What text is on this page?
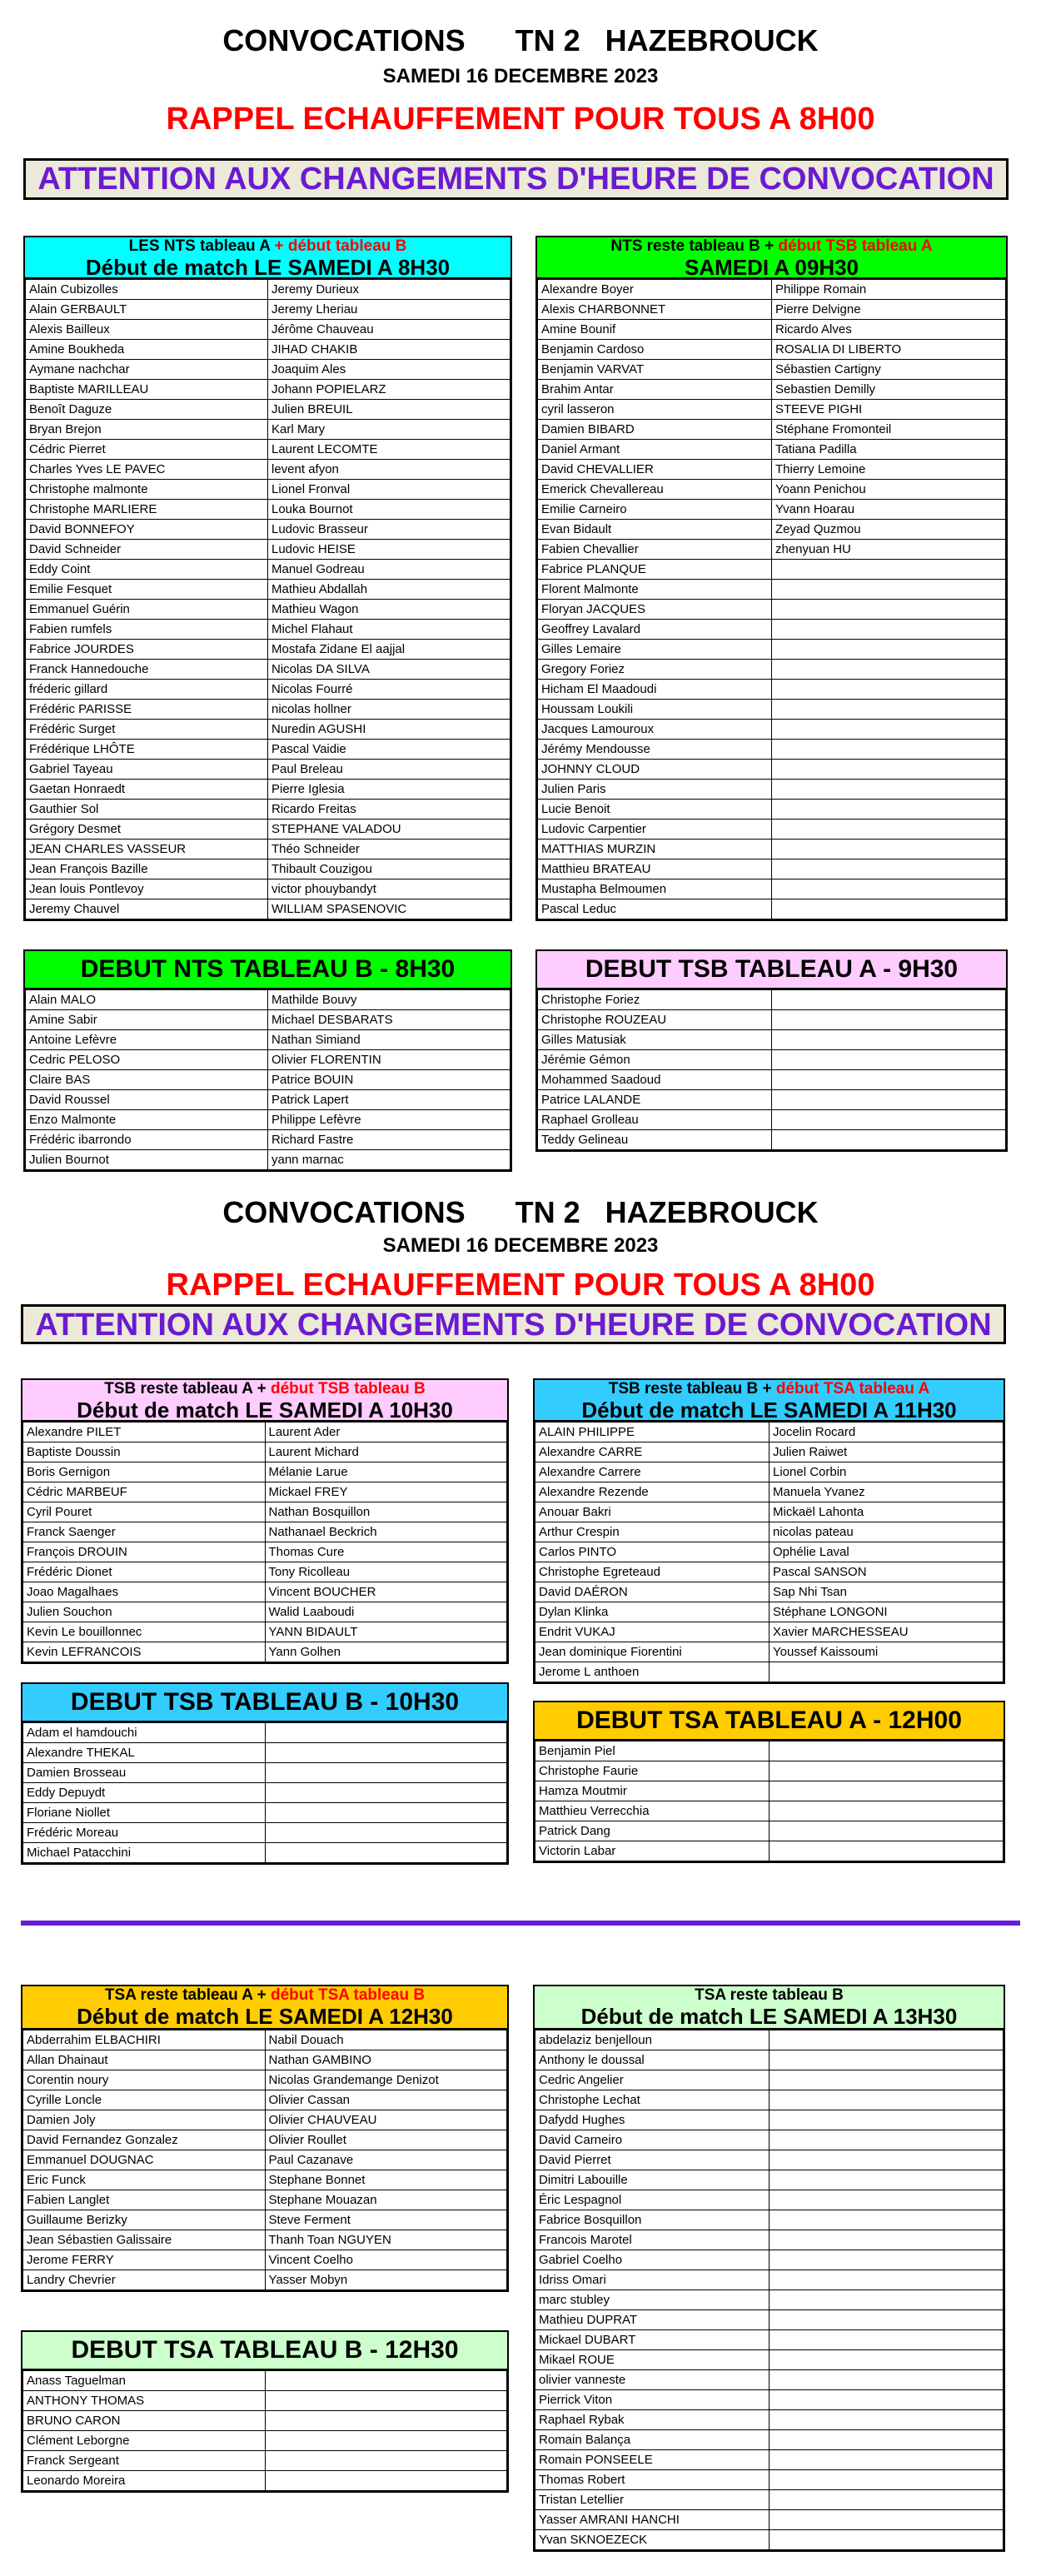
CONVOCATIONS      TN 2   HAZEBROUCK
SAMEDI 16 DECEMBRE 2023
RAPPEL ECHAUFFEMENT POUR TOUS A 8H00
ATTENTION AUX CHANGEMENTS D'HEURE DE CONVOCATION
LES NTS tableau A + début tableau B
Début de match LE SAMEDI A 8H30
Alain Cubizolles	Jeremy Durieux
Alain GERBAULT	Jeremy Lheriau
Alexis Bailleux	Jérôme Chauveau
Amine Boukheda	JIHAD CHAKIB
Aymane nachchar	Joaquim Ales
Baptiste MARILLEAU	Johann POPIELARZ
Benoît Daguze	Julien BREUIL
Bryan Brejon	Karl Mary
Cédric Pierret	Laurent LECOMTE
Charles Yves LE PAVEC	levent afyon
Christophe malmonte	Lionel Fronval
Christophe MARLIERE	Louka Bournot
David BONNEFOY	Ludovic Brasseur
David Schneider	Ludovic HEISE
Eddy Coint	Manuel Godreau
Emilie Fesquet	Mathieu Abdallah
Emmanuel Guérin	Mathieu Wagon
Fabien rumfels	Michel Flahaut
Fabrice JOURDES	Mostafa Zidane El aajjal
Franck Hannedouche	Nicolas DA SILVA
fréderic gillard	Nicolas Fourré
Frédéric PARISSE	nicolas hollner
Frédéric Surget	Nuredin AGUSHI
Frédérique LHÔTE	Pascal Vaidie
Gabriel Tayeau	Paul Breleau
Gaetan Honraedt	Pierre Iglesia
Gauthier Sol	Ricardo Freitas
Grégory Desmet	STEPHANE VALADOU
JEAN CHARLES VASSEUR	Théo Schneider
Jean François Bazille	Thibault Couzigou
Jean louis Pontlevoy	victor phouybandyt
Jeremy Chauvel	WILLIAM SPASENOVIC
NTS reste tableau B + début TSB tableau A
SAMEDI A 09H30
Alexandre Boyer	Philippe Romain
Alexis CHARBONNET	Pierre Delvigne
Amine Bounif	Ricardo Alves
Benjamin Cardoso	ROSALIA DI LIBERTO
Benjamin VARVAT	Sébastien Cartigny
Brahim Antar	Sebastien Demilly
cyril lasseron	STEEVE PIGHI
Damien BIBARD	Stéphane Fromonteil
Daniel Armant	Tatiana Padilla
David CHEVALLIER	Thierry Lemoine
Emerick Chevallereau	Yoann Penichou
Emilie Carneiro	Yvann Hoarau
Evan Bidault	Zeyad Quzmou
Fabien Chevallier	zhenyuan HU
Fabrice PLANQUE	
Florent Malmonte	
Floryan JACQUES	
Geoffrey Lavalard	
Gilles Lemaire	
Gregory Foriez	
Hicham El Maadoudi	
Houssam Loukili	
Jacques Lamouroux	
Jérémy Mendousse	
JOHNNY CLOUD	
Julien Paris	
Lucie Benoit	
Ludovic Carpentier	
MATTHIAS MURZIN	
Matthieu BRATEAU	
Mustapha Belmoumen	
Pascal Leduc	
DEBUT NTS TABLEAU B - 8H30
Alain MALO	Mathilde Bouvy
Amine Sabir	Michael DESBARATS
Antoine Lefèvre	Nathan Simiand
Cedric PELOSO	Olivier FLORENTIN
Claire BAS	Patrice BOUIN
David Roussel	Patrick Lapert
Enzo Malmonte	Philippe Lefèvre
Frédéric ibarrondo	Richard Fastre
Julien Bournot	yann marnac
DEBUT TSB TABLEAU A - 9H30
Christophe Foriez	
Christophe ROUZEAU	
Gilles Matusiak	
Jérémie Gémon	
Mohammed Saadoud	
Patrice LALANDE	
Raphael Grolleau	
Teddy Gelineau	
CONVOCATIONS      TN 2   HAZEBROUCK
SAMEDI 16 DECEMBRE 2023
RAPPEL ECHAUFFEMENT POUR TOUS A 8H00
ATTENTION AUX CHANGEMENTS D'HEURE DE CONVOCATION
TSB reste tableau A + début TSB tableau B
Début de match LE SAMEDI A 10H30
Alexandre PILET	Laurent Ader
Baptiste Doussin	Laurent Michard
Boris Gernigon	Mélanie Larue
Cédric MARBEUF	Mickael FREY
Cyril Pouret	Nathan Bosquillon
Franck Saenger	Nathanael Beckrich
François DROUIN	Thomas Cure
Frédéric Dionet	Tony Ricolleau
Joao Magalhaes	Vincent BOUCHER
Julien Souchon	Walid Laaboudi
Kevin Le bouillonnec	YANN BIDAULT
Kevin LEFRANCOIS	Yann Golhen
TSB reste tableau B + début TSA tableau A
Début de match LE SAMEDI A 11H30
ALAIN PHILIPPE	Jocelin Rocard
Alexandre CARRE	Julien Raiwet
Alexandre Carrere	Lionel Corbin
Alexandre Rezende	Manuela Yvanez
Anouar Bakri	Mickaël Lahonta
Arthur Crespin	nicolas pateau
Carlos PINTO	Ophélie Laval
Christophe Egreteaud	Pascal SANSON
David DAÉRON	Sap Nhi Tsan
Dylan Klinka	Stéphane LONGONI
Endrit VUKAJ	Xavier MARCHESSEAU
Jean dominique Fiorentini	Youssef Kaissoumi
Jerome L anthoen	
DEBUT TSB TABLEAU B - 10H30
Adam el hamdouchi	
Alexandre THEKAL	
Damien Brosseau	
Eddy Depuydt	
Floriane Niollet	
Frédéric Moreau	
Michael Patacchini	
DEBUT TSA TABLEAU A - 12H00
Benjamin Piel	
Christophe Faurie	
Hamza Moutmir	
Matthieu Verrecchia	
Patrick Dang	
Victorin Labar	
TSA reste tableau A + début TSA tableau B
Début de match LE SAMEDI A 12H30
Abderrahim ELBACHIRI	Nabil Douach
Allan Dhainaut	Nathan GAMBINO
Corentin noury	Nicolas Grandemange Denizot
Cyrille Loncle	Olivier Cassan
Damien Joly	Olivier CHAUVEAU
David Fernandez Gonzalez	Olivier Roullet
Emmanuel DOUGNAC	Paul Cazanave
Eric Funck	Stephane Bonnet
Fabien Langlet	Stephane Mouazan
Guillaume Berizky	Steve Ferment
Jean Sébastien Galissaire	Thanh Toan NGUYEN
Jerome FERRY	Vincent Coelho
Landry Chevrier	Yasser Mobyn
TSA reste tableau B
Début de match LE SAMEDI A 13H30
abdelaziz benjelloun	
Anthony le doussal	
Cedric Angelier	
Christophe Lechat	
Dafydd Hughes	
David Carneiro	
David Pierret	
Dimitri Labouille	
Éric Lespagnol	
Fabrice Bosquillon	
Francois Marotel	
Gabriel Coelho	
Idriss Omari	
marc stubley	
Mathieu DUPRAT	
Mickael DUBART	
Mikael ROUE	
olivier vanneste	
Pierrick Viton	
Raphael Rybak	
Romain Balança	
Romain PONSEELE	
Thomas Robert	
Tristan Letellier	
Yasser AMRANI HANCHI	
Yvan SKNOEZECK	
DEBUT TSA TABLEAU B - 12H30
Anass Taguelman	
ANTHONY THOMAS	
BRUNO CARON	
Clément Leborgne	
Franck Sergeant	
Leonardo Moreira	
